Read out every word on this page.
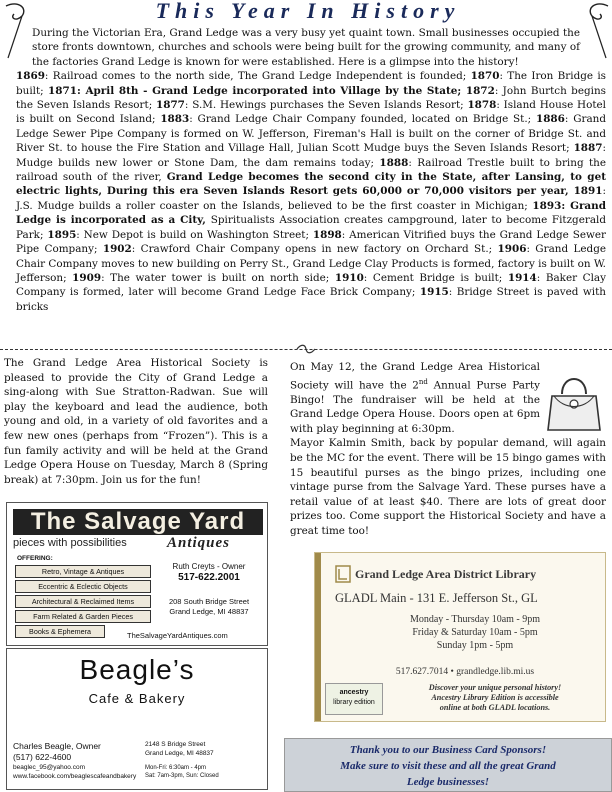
This Year In History
During the Victorian Era, Grand Ledge was a very busy yet quaint town. Small businesses occupied the store fronts downtown, churches and schools were being built for the growing community, and many of the factories Grand Ledge is known for were established. Here is a glimpse into the history!
1869: Railroad comes to the north side, The Grand Ledge Independent is founded; 1870: The Iron Bridge is built; 1871: April 8th - Grand Ledge incorporated into Village by the State; 1872: John Burtch begins the Seven Islands Resort; 1877: S.M. Hewings purchases the Seven Islands Resort; 1878: Island House Hotel is built on Second Island; 1883: Grand Ledge Chair Company founded, located on Bridge St.; 1886: Grand Ledge Sewer Pipe Company is formed on W. Jefferson, Fireman's Hall is built on the corner of Bridge St. and River St. to house the Fire Station and Village Hall, Julian Scott Mudge buys the Seven Islands Resort; 1887: Mudge builds new lower or Stone Dam, the dam remains today; 1888: Railroad Trestle built to bring the railroad south of the river, Grand Ledge becomes the second city in the State, after Lansing, to get electric lights, During this era Seven Islands Resort gets 60,000 or 70,000 visitors per year, 1891: J.S. Mudge builds a roller coaster on the Islands, believed to be the first coaster in Michigan; 1893: Grand Ledge is incorporated as a City, Spiritualists Association creates campground, later to become Fitzgerald Park; 1895: New Depot is build on Washington Street; 1898: American Vitrified buys the Grand Ledge Sewer Pipe Company; 1902: Crawford Chair Company opens in new factory on Orchard St.; 1906: Grand Ledge Chair Company moves to new building on Perry St., Grand Ledge Clay Products is formed, factory is built on W. Jefferson; 1909: The water tower is built on north side; 1910: Cement Bridge is built; 1914: Baker Clay Company is formed, later will become Grand Ledge Face Brick Company; 1915: Bridge Street is paved with bricks
The Grand Ledge Area Historical Society is pleased to provide the City of Grand Ledge a sing-along with Sue Stratton-Radwan. Sue will play the keyboard and lead the audience, both young and old, in a variety of old favorites and a few new ones (perhaps from “Frozen”). This is a fun family activity and will be held at the Grand Ledge Opera House on Tuesday, March 8 (Spring break) at 7:30pm. Join us for the fun!
On May 12, the Grand Ledge Area Historical Society will have the 2nd Annual Purse Party Bingo! The fundraiser will be held at the Grand Ledge Opera House. Doors open at 6pm with play beginning at 6:30pm.
Mayor Kalmin Smith, back by popular demand, will again be the MC for the event. There will be 15 bingo games with 15 beautiful purses as the bingo prizes, including one vintage purse from the Salvage Yard. These purses have a retail value of at least $40. There are lots of great door prizes too. Come support the Historical Society and have a great time too!
The Salvage Yard
pieces with possibilities	Antiques
OFFERING:
Retro, Vintage & Antiques
Eccentric & Eclectic Objects
Architectural & Reclaimed Items
Farm Related & Garden Pieces
Books & Ephemera
Ruth Creyts - Owner
517-622.2001
208 South Bridge Street
Grand Ledge, MI 48837
TheSalvageYardAntiques.com
Beagle’s
Cafe & Bakery
Charles Beagle, Owner
(517) 622-4600
beaglec_95@yahoo.com
www.facebook.com/beaglescafeandbakery
2148 S Bridge Street
Grand Ledge, MI 48837
Mon-Fri: 6:30am - 4pm
Sat: 7am-3pm, Sun: Closed
Grand Ledge Area District Library
GLADL Main - 131 E. Jefferson St., GL
Monday - Thursday 10am - 9pm
Friday & Saturday 10am - 5pm
Sunday 1pm - 5pm
517.627.7014 • grandledge.lib.mi.us
ancestry
library edition
Discover your unique personal history!
Ancestry Library Edition is accessible
online at both GLADL locations.
Thank you to our Business Card Sponsors!
Make sure to visit these and all the great Grand
Ledge businesses!
